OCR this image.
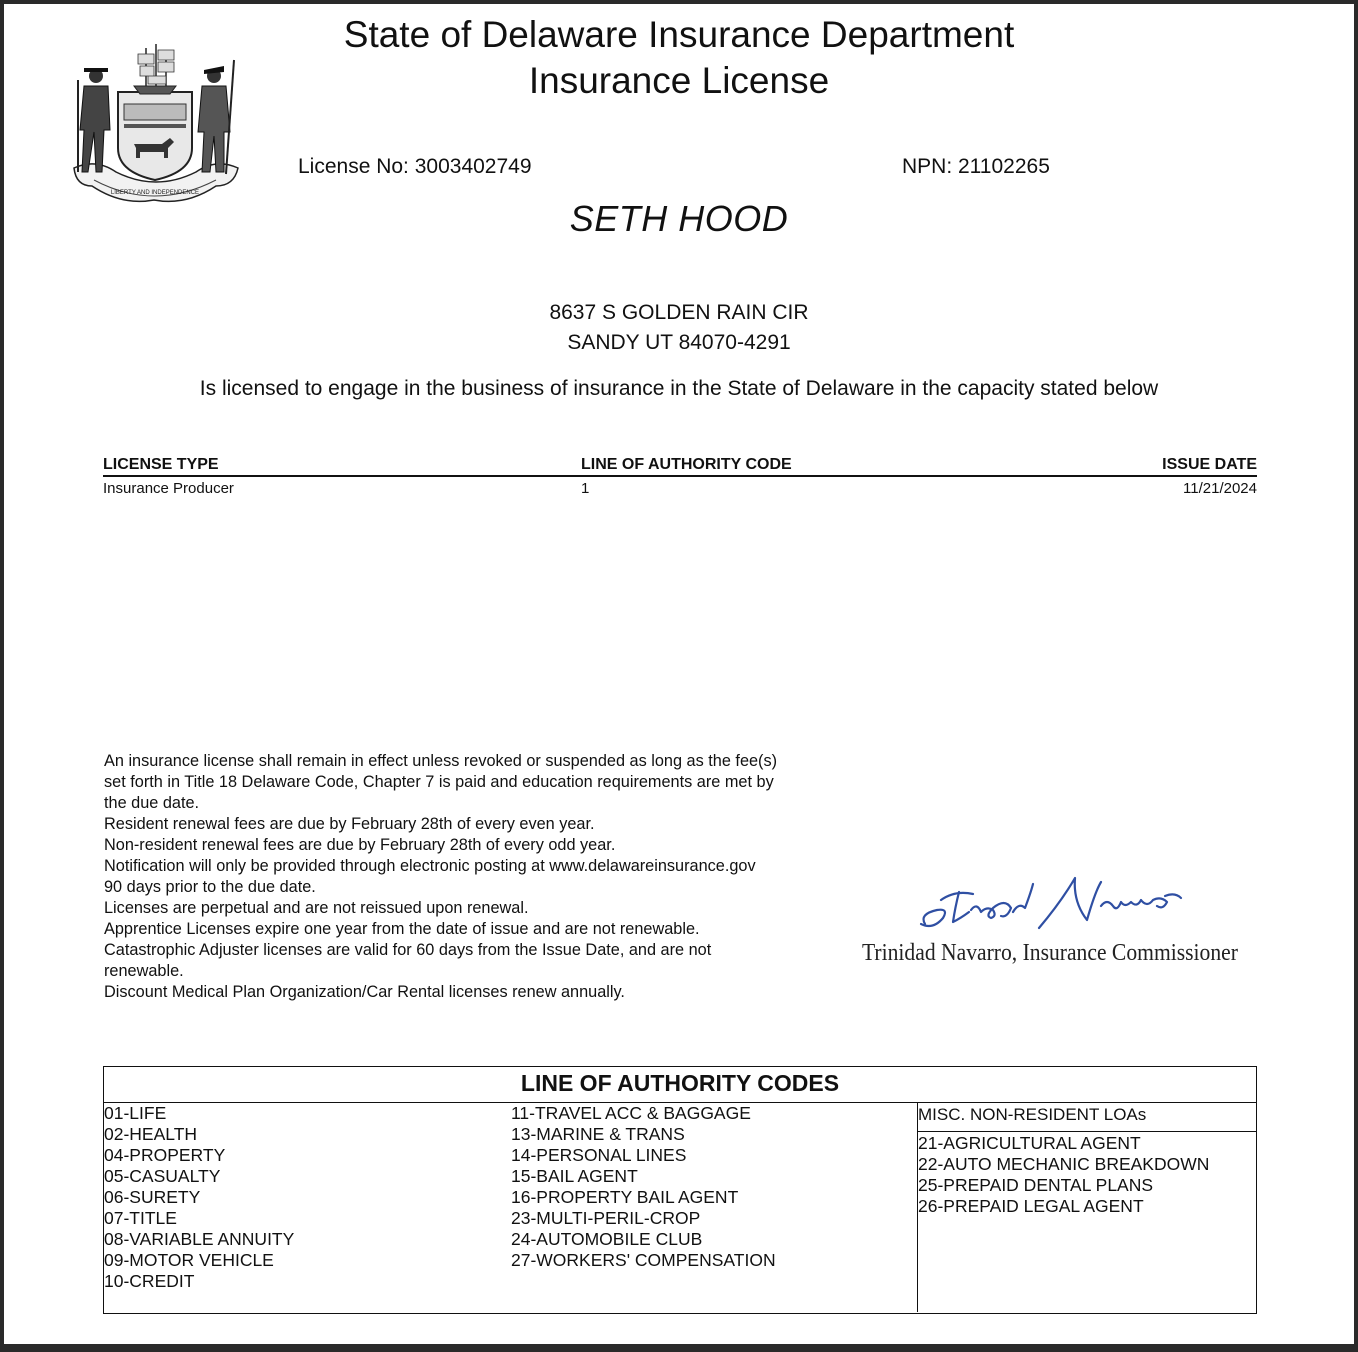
LIBERTY AND INDEPENDENCE
State of Delaware Insurance Department
Insurance License
License No: 3003402749	NPN: 21102265
SETH HOOD
8637 S GOLDEN RAIN CIR
SANDY UT 84070-4291
Is licensed to engage in the business of insurance in the State of Delaware in the capacity stated below
LICENSE TYPE	LINE OF AUTHORITY CODE	ISSUE DATE
Insurance Producer	1	11/21/2024
An insurance license shall remain in effect unless revoked or suspended as long as the fee(s)
set forth in Title 18 Delaware Code, Chapter 7 is paid and education requirements are met by
the due date.
Resident renewal fees are due by February 28th of every even year.
Non-resident renewal fees are due by February 28th of every odd year.
Notification will only be provided through electronic posting at www.delawareinsurance.gov
90 days prior to the due date.
Licenses are perpetual and are not reissued upon renewal.
Apprentice Licenses expire one year from the date of issue and are not renewable.
Catastrophic Adjuster licenses are valid for 60 days from the Issue Date, and are not
renewable.
Discount Medical Plan Organization/Car Rental licenses renew annually.
Trinidad Navarro, Insurance Commissioner
LINE OF AUTHORITY CODES
01-LIFE
02-HEALTH
04-PROPERTY
05-CASUALTY
06-SURETY
07-TITLE
08-VARIABLE ANNUITY
09-MOTOR VEHICLE
10-CREDIT
11-TRAVEL ACC & BAGGAGE
13-MARINE & TRANS
14-PERSONAL LINES
15-BAIL AGENT
16-PROPERTY BAIL AGENT
23-MULTI-PERIL-CROP
24-AUTOMOBILE CLUB
27-WORKERS' COMPENSATION
MISC. NON-RESIDENT LOAs
21-AGRICULTURAL AGENT
22-AUTO MECHANIC BREAKDOWN
25-PREPAID DENTAL PLANS
26-PREPAID LEGAL AGENT
